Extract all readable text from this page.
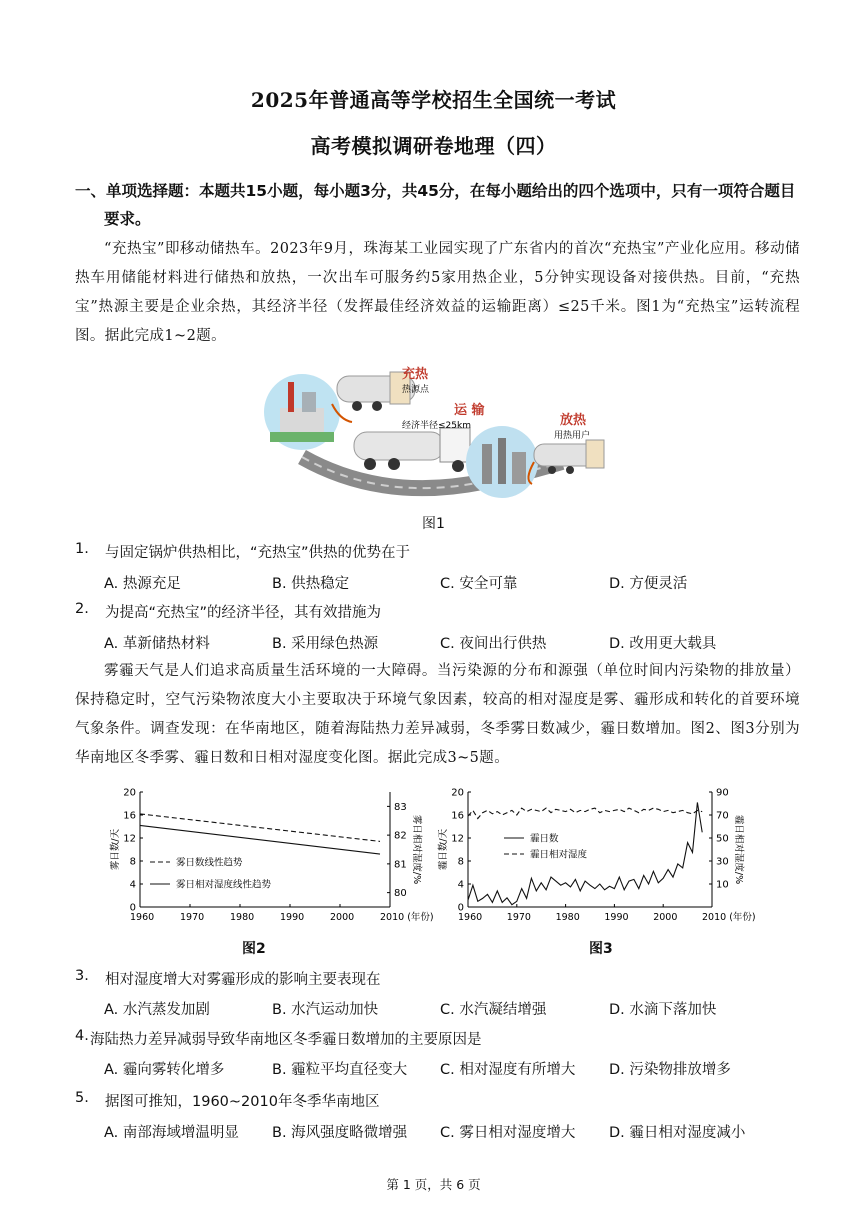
2025年普通高等学校招生全国统一考试
高考模拟调研卷地理（四）
一、单项选择题：本题共15小题，每小题3分，共45分，在每小题给出的四个选项中，只有一项符合题目
要求。
“充热宝”即移动储热车。2023年9月，珠海某工业园实现了广东省内的首次“充热宝”产业化应用。移动储热车用储能材料进行储热和放热，一次出车可服务约5家用热企业，5分钟实现设备对接供热。目前，“充热宝”热源主要是企业余热，其经济半径（发挥最佳经济效益的运输距离）≤25千米。图1为“充热宝”运转流程图。据此完成1~2题。
充热
热源点
运 输
经济半径≤25km	放热
用热用户
图1
1. 与固定锅炉供热相比，“充热宝”供热的优势在于
A. 热源充足	B. 供热稳定	C. 安全可靠	D. 方便灵活
2. 为提高“充热宝”的经济半径，其有效措施为
A. 革新储热材料	B. 采用绿色热源	C. 夜间出行供热	D. 改用更大载具
雾霾天气是人们追求高质量生活环境的一大障碍。当污染源的分布和源强（单位时间内污染物的排放量）保持稳定时，空气污染物浓度大小主要取决于环境气象因素，较高的相对湿度是雾、霾形成和转化的首要环境气象条件。调查发现：在华南地区，随着海陆热力差异减弱，冬季雾日数减少，霾日数增加。图2、图3分别为华南地区冬季雾、霾日数和日相对湿度变化图。据此完成3~5题。
0
4
8
12
16
20
80
81
82
83
1960	1970	1980	1990	2000	2010 (年份)
雾日数/天	雾日相对湿度/%
雾日数线性趋势
雾日相对湿度线性趋势
图2
0
4
8
12
16
20
10
30
50
70
90
1960	1970	1980	1990	2000	2010 (年份)
霾日数/天	霾日相对湿度/%
霾日数
霾日相对湿度
图3
3. 相对湿度增大对雾霾形成的影响主要表现在
A. 水汽蒸发加剧	B. 水汽运动加快	C. 水汽凝结增强	D. 水滴下落加快
4. 海陆热力差异减弱导致华南地区冬季霾日数增加的主要原因是
A. 霾向雾转化增多	B. 霾粒平均直径变大 C. 相对湿度有所增大 D. 污染物排放增多
5. 据图可推知，1960~2010年冬季华南地区
A. 南部海域增温明显 B. 海风强度略微增强 C. 雾日相对湿度增大 D. 霾日相对湿度减小
第 1 页，共 6 页
